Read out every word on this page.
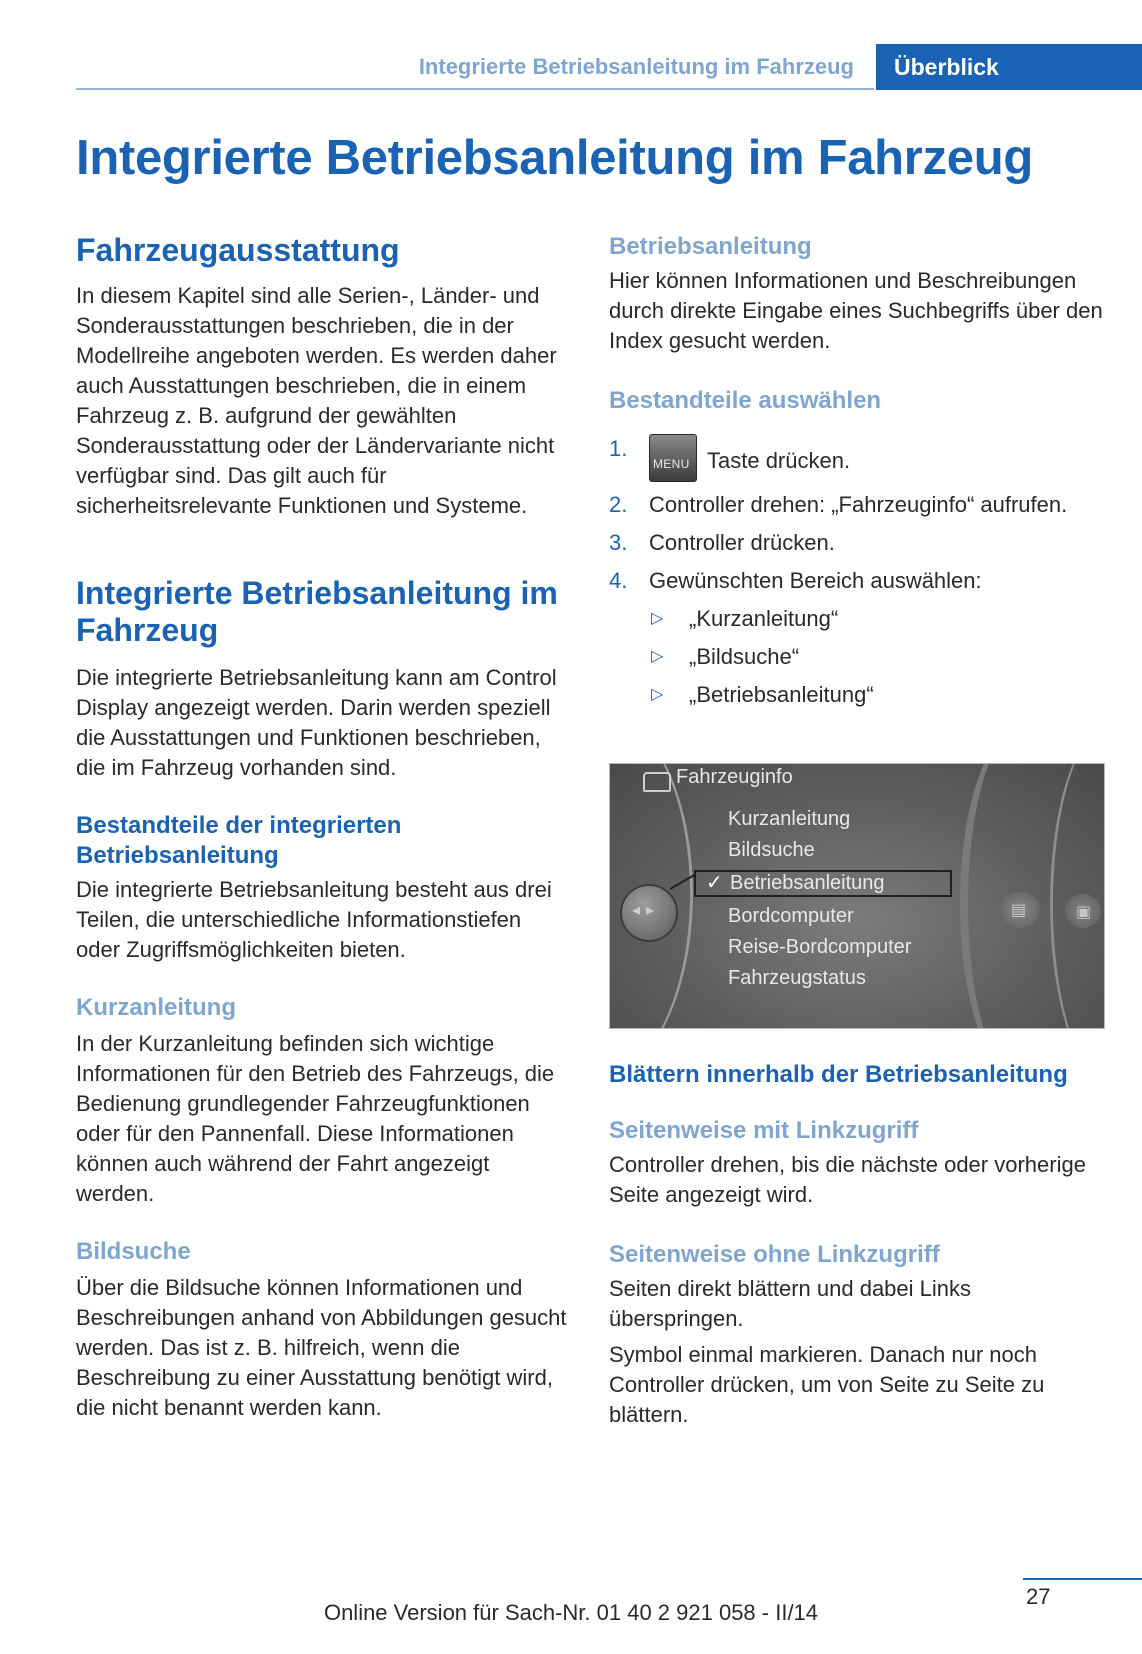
Integrierte Betriebsanleitung im Fahrzeug Überblick
Integrierte Betriebsanleitung im Fahrzeug
Fahrzeugausstattung

In diesem Kapitel sind alle Serien-, Länder- und Sonderausstattungen beschrieben, die in der Modellreihe angeboten werden. Es werden daher auch Ausstattungen beschrieben, die in einem Fahrzeug z. B. aufgrund der gewählten Sonderausstattung oder der Ländervariante nicht verfügbar sind. Das gilt auch für sicherheitsrelevante Funktionen und Systeme.

Integrierte Betriebsanleitung im Fahrzeug

Die integrierte Betriebsanleitung kann am Control Display angezeigt werden. Darin werden speziell die Ausstattungen und Funktionen beschrieben, die im Fahrzeug vorhanden sind.

Bestandteile der integrierten Betriebsanleitung

Die integrierte Betriebsanleitung besteht aus drei Teilen, die unterschiedliche Informationstiefen oder Zugriffsmöglichkeiten bieten.

Kurzanleitung

In der Kurzanleitung befinden sich wichtige Informationen für den Betrieb des Fahrzeugs, die Bedienung grundlegender Fahrzeugfunktionen oder für den Pannenfall. Diese Informationen können auch während der Fahrt angezeigt werden.

Bildsuche

Über die Bildsuche können Informationen und Beschreibungen anhand von Abbildungen gesucht werden. Das ist z. B. hilfreich, wenn die Beschreibung zu einer Ausstattung benötigt wird, die nicht benannt werden kann.

Betriebsanleitung

Hier können Informationen und Beschreibungen durch direkte Eingabe eines Suchbegriffs über den Index gesucht werden.

Bestandteile auswählen
1.
MENU Taste drücken.
2. Controller drehen: „Fahrzeuginfo“ aufrufen.
3. Controller drücken.
4. Gewünschten Bereich auswählen:
▷ „Kurzanleitung“
▷ „Bildsuche“
▷ „Betriebsanleitung“
Fahrzeuginfo
◂▸
Kurzanleitung
Bildsuche
✓ Betriebsanleitung
Bordcomputer
Reise-Bordcomputer
Fahrzeugstatus
▤	▣
Blättern innerhalb der Betriebsanleitung
Seitenweise mit Linkzugriff

Controller drehen, bis die nächste oder vorherige Seite angezeigt wird.

Seitenweise ohne Linkzugriff

Seiten direkt blättern und dabei Links überspringen.

Symbol einmal markieren. Danach nur noch Controller drücken, um von Seite zu Seite zu blättern.

27
Online Version für Sach-Nr. 01 40 2 921 058 - II/14
